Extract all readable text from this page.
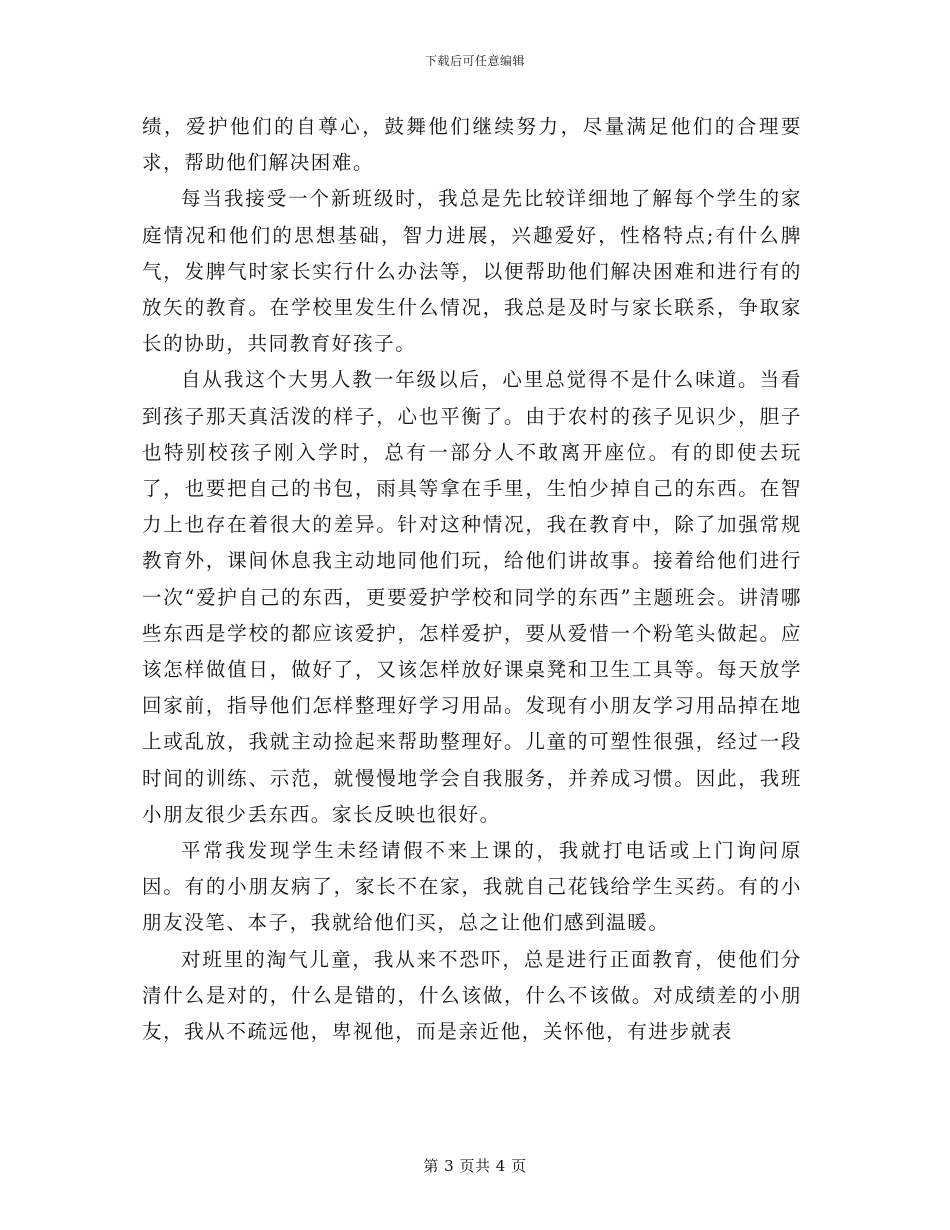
下载后可任意编辑

绩，爱护他们的自尊心，鼓舞他们继续努力，尽量满足他们的合理要求，帮助他们解决困难。

每当我接受一个新班级时，我总是先比较详细地了解每个学生的家庭情况和他们的思想基础，智力进展，兴趣爱好，性格特点;有什么脾气，发脾气时家长实行什么办法等，以便帮助他们解决困难和进行有的放矢的教育。在学校里发生什么情况，我总是及时与家长联系，争取家长的协助，共同教育好孩子。

自从我这个大男人教一年级以后，心里总觉得不是什么味道。当看到孩子那天真活泼的样子，心也平衡了。由于农村的孩子见识少，胆子也特别校孩子刚入学时，总有一部分人不敢离开座位。有的即使去玩了，也要把自己的书包，雨具等拿在手里，生怕少掉自己的东西。在智力上也存在着很大的差异。针对这种情况，我在教育中，除了加强常规教育外，课间休息我主动地同他们玩，给他们讲故事。接着给他们进行一次“爱护自己的东西，更要爱护学校和同学的东西”主题班会。讲清哪些东西是学校的都应该爱护，怎样爱护，要从爱惜一个粉笔头做起。应该怎样做值日，做好了，又该怎样放好课桌凳和卫生工具等。每天放学回家前，指导他们怎样整理好学习用品。发现有小朋友学习用品掉在地上或乱放，我就主动捡起来帮助整理好。儿童的可塑性很强，经过一段时间的训练、示范，就慢慢地学会自我服务，并养成习惯。因此，我班小朋友很少丢东西。家长反映也很好。

平常我发现学生未经请假不来上课的，我就打电话或上门询问原因。有的小朋友病了，家长不在家，我就自己花钱给学生买药。有的小朋友没笔、本子，我就给他们买，总之让他们感到温暖。

对班里的淘气儿童，我从来不恐吓，总是进行正面教育，使他们分清什么是对的，什么是错的，什么该做，什么不该做。对成绩差的小朋友，我从不疏远他，卑视他，而是亲近他，关怀他，有进步就表

第 3 页共 4 页
